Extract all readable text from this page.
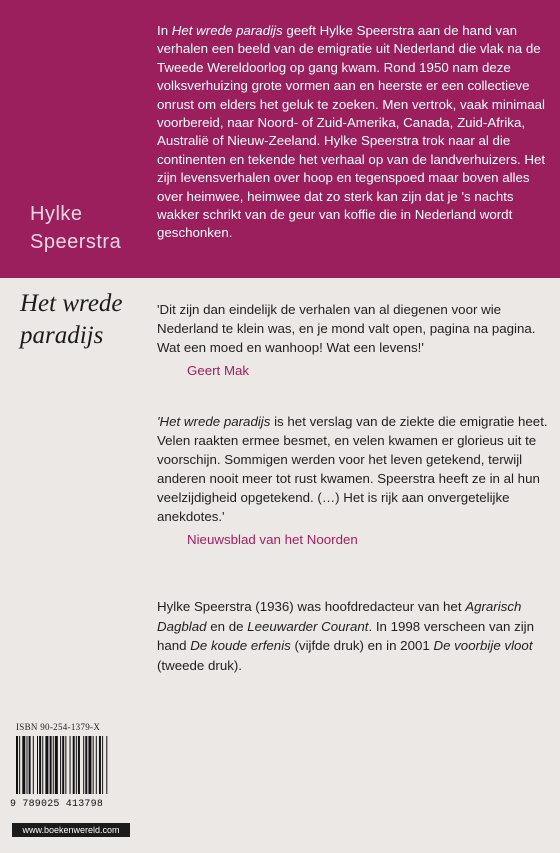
In Het wrede paradijs geeft Hylke Speerstra aan de hand van verhalen een beeld van de emigratie uit Nederland die vlak na de Tweede Wereldoorlog op gang kwam. Rond 1950 nam deze volksverhuizing grote vormen aan en heerste er een collectieve onrust om elders het geluk te zoeken. Men vertrok, vaak minimaal voorbereid, naar Noord- of Zuid-Amerika, Canada, Zuid-Afrika, Australië of Nieuw-Zeeland. Hylke Speerstra trok naar al die continenten en tekende het verhaal op van de landverhuizers. Het zijn levensverhalen over hoop en tegenspoed maar boven alles over heimwee, heimwee dat zo sterk kan zijn dat je 's nachts wakker schrikt van de geur van koffie die in Nederland wordt geschonken.
Hylke
Speerstra
Het wrede
paradijs

'Dit zijn dan eindelijk de verhalen van al diegenen voor wie Nederland te klein was, en je mond valt open, pagina na pagina. Wat een moed en wanhoop! Wat een levens!'

Geert Mak

'Het wrede paradijs is het verslag van de ziekte die emigratie heet. Velen raakten ermee besmet, en velen kwamen er glorieus uit te voorschijn. Sommigen werden voor het leven getekend, terwijl anderen nooit meer tot rust kwamen. Speerstra heeft ze in al hun veelzijdigheid opgetekend. (…) Het is rijk aan onvergetelijke anekdotes.'

Nieuwsblad van het Noorden

Hylke Speerstra (1936) was hoofdredacteur van het Agrarisch Dagblad en de Leeuwarder Courant. In 1998 verscheen van zijn hand De koude erfenis (vijfde druk) en in 2001 De voorbije vloot (tweede druk).
ISBN 90-254-1379-X
9 789025 413798
www.boekenwereld.com
